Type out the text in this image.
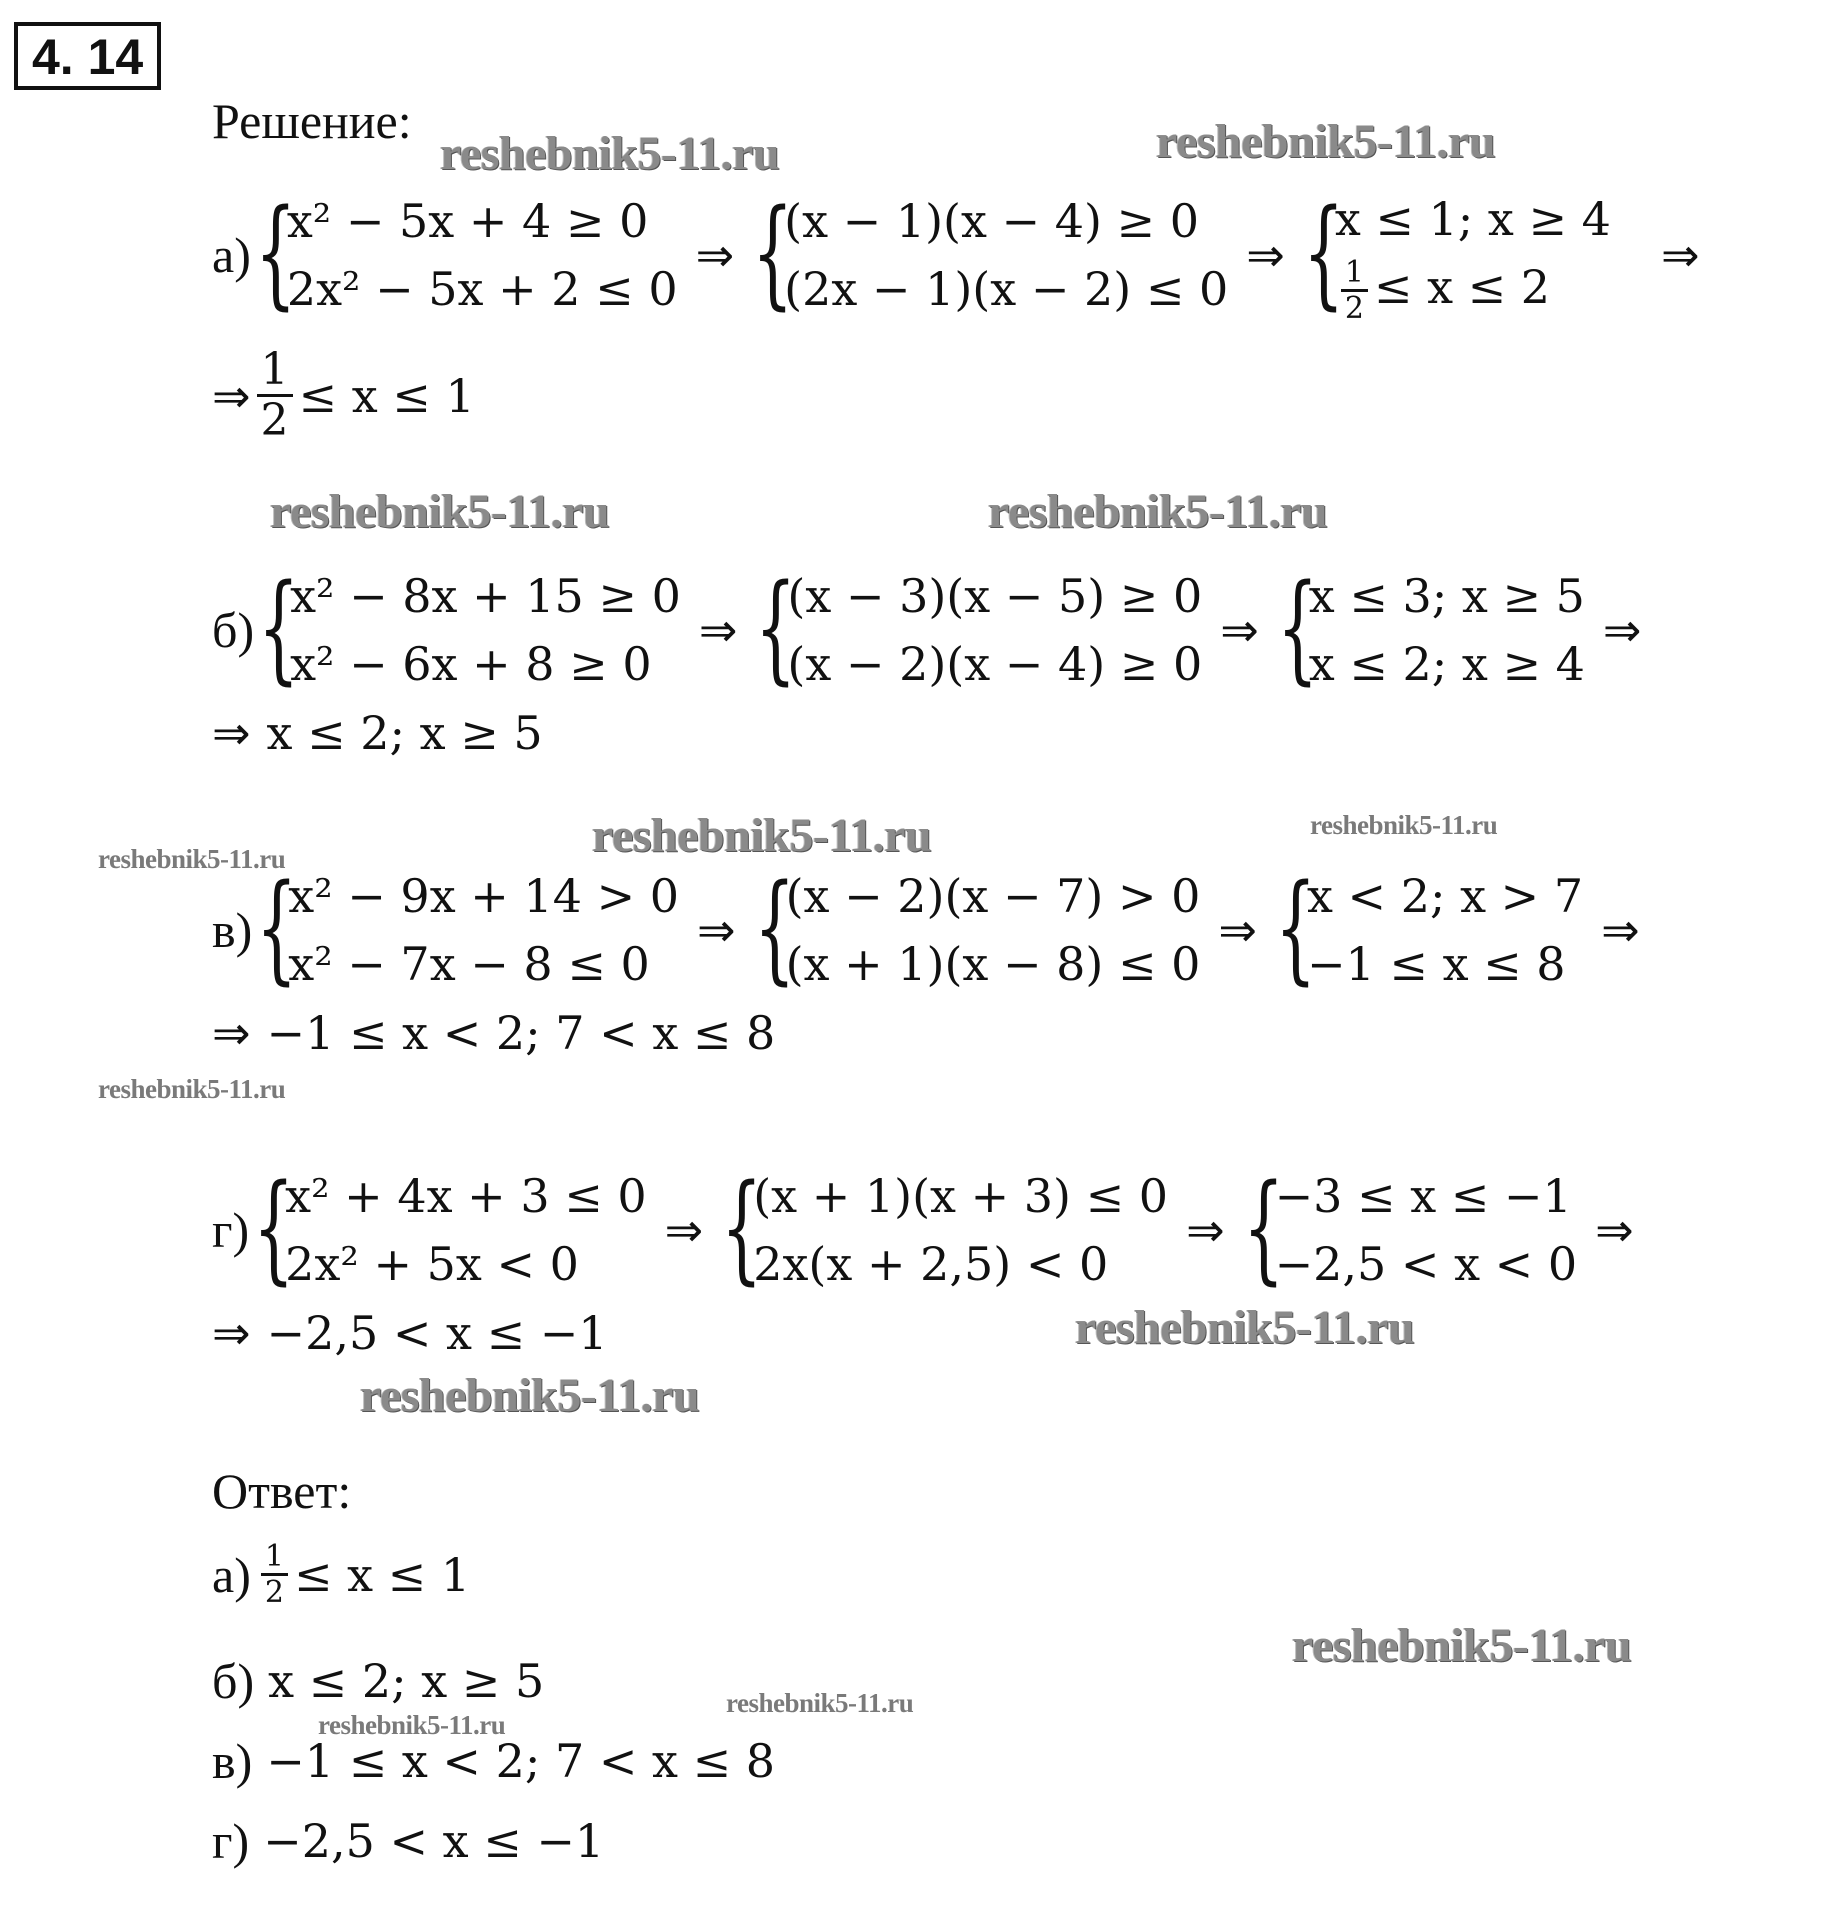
4. 14
Решение:
reshebnik5-11.ru	reshebnik5-11.ru
reshebnik5-11.ru	reshebnik5-11.ru
reshebnik5-11.ru	reshebnik5-11.ru
reshebnik5-11.ru
reshebnik5-11.ru
reshebnik5-11.ru
reshebnik5-11.ru
reshebnik5-11.ru
reshebnik5-11.ru
reshebnik5-11.ru
а) {
x² − 5x + 4 ≥ 0
2x² − 5x + 2 ≤ 0
⇒ {
(x − 1)(x − 4) ≥ 0
(2x − 1)(x − 2) ≤ 0
⇒ {
x ≤ 1; x ≥ 4
$\frac{1}{2} \le x \le 2$
⇒
⇒ $\frac{1}{2} \le x \le 1$
б) {
x² − 8x + 15 ≥ 0
x² − 6x + 8 ≥ 0
⇒ {
(x − 3)(x − 5) ≥ 0
(x − 2)(x − 4) ≥ 0
⇒ {
x ≤ 3; x ≥ 5
x ≤ 2; x ≥ 4
⇒
⇒ x ≤ 2; x ≥ 5
в) {
x² − 9x + 14 > 0
x² − 7x − 8 ≤ 0
⇒ {
(x − 2)(x − 7) > 0
(x + 1)(x − 8) ≤ 0
⇒ {
x < 2; x > 7
−1 ≤ x ≤ 8
⇒
⇒ −1 ≤ x < 2; 7 < x ≤ 8
г) {
x² + 4x + 3 ≤ 0
2x² + 5x < 0
⇒ {
(x + 1)(x + 3) ≤ 0
2x(x + 2,5) < 0
⇒ {
−3 ≤ x ≤ −1
−2,5 < x < 0
⇒
⇒ −2,5 < x ≤ −1
Ответ:
$а) \frac{1}{2} \le x \le 1$
б) x ≤ 2; x ≥ 5
в) −1 ≤ x < 2; 7 < x ≤ 8
г) −2,5 < x ≤ −1
